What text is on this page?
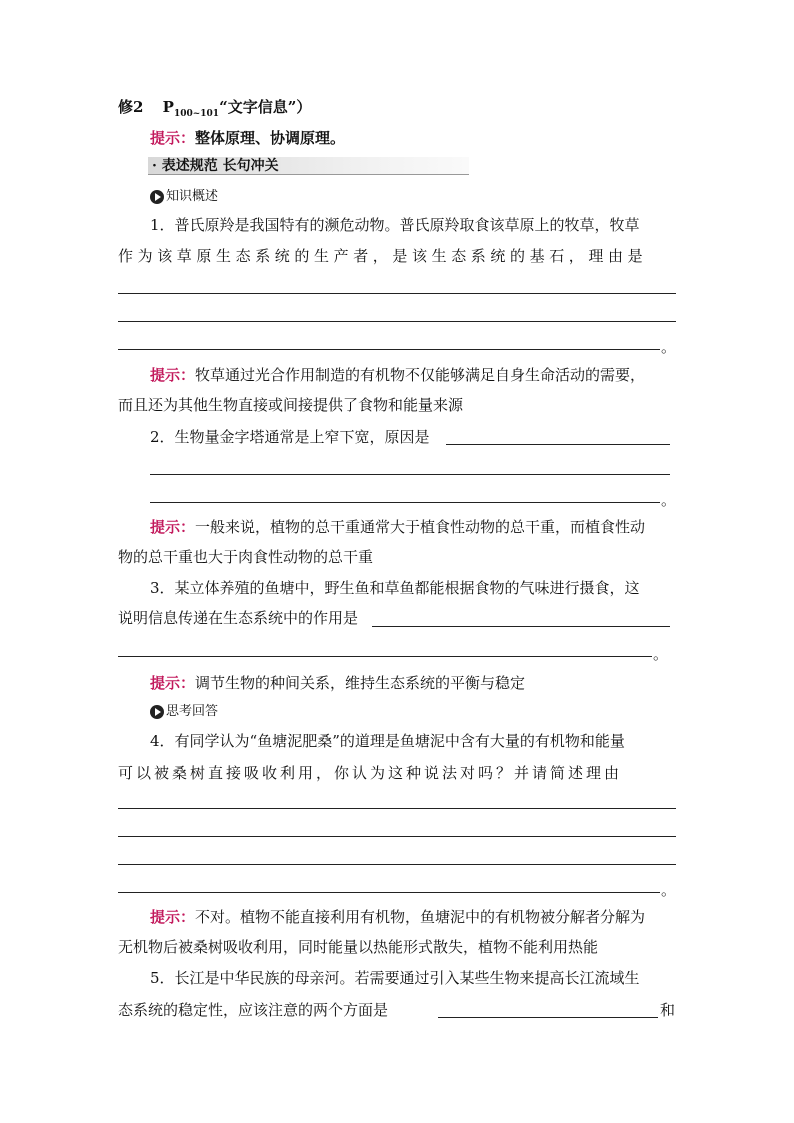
修2 $P_{100\sim 101}“$文字信息”）
提示：整体原理、协调原理。
· 表述规范 长句冲关
知识概述
1．普氏原羚是我国特有的濒危动物。普氏原羚取食该草原上的牧草，牧草
作为该草原生态系统的生产者，是该生态系统的基石，理由是
。
提示：牧草通过光合作用制造的有机物不仅能够满足自身生命活动的需要，
而且还为其他生物直接或间接提供了食物和能量来源
2．生物量金字塔通常是上窄下宽，原因是
。
提示：一般来说，植物的总干重通常大于植食性动物的总干重，而植食性动
物的总干重也大于肉食性动物的总干重
3．某立体养殖的鱼塘中，野生鱼和草鱼都能根据食物的气味进行摄食，这
说明信息传递在生态系统中的作用是
。
提示：调节生物的种间关系，维持生态系统的平衡与稳定
思考回答
4．有同学认为“鱼塘泥肥桑”的道理是鱼塘泥中含有大量的有机物和能量
可以被桑树直接吸收利用，你认为这种说法对吗？并请简述理由
。
提示：不对。植物不能直接利用有机物，鱼塘泥中的有机物被分解者分解为
无机物后被桑树吸收利用，同时能量以热能形式散失，植物不能利用热能
5．长江是中华民族的母亲河。若需要通过引入某些生物来提高长江流域生
态系统的稳定性，应该注意的两个方面是	和
